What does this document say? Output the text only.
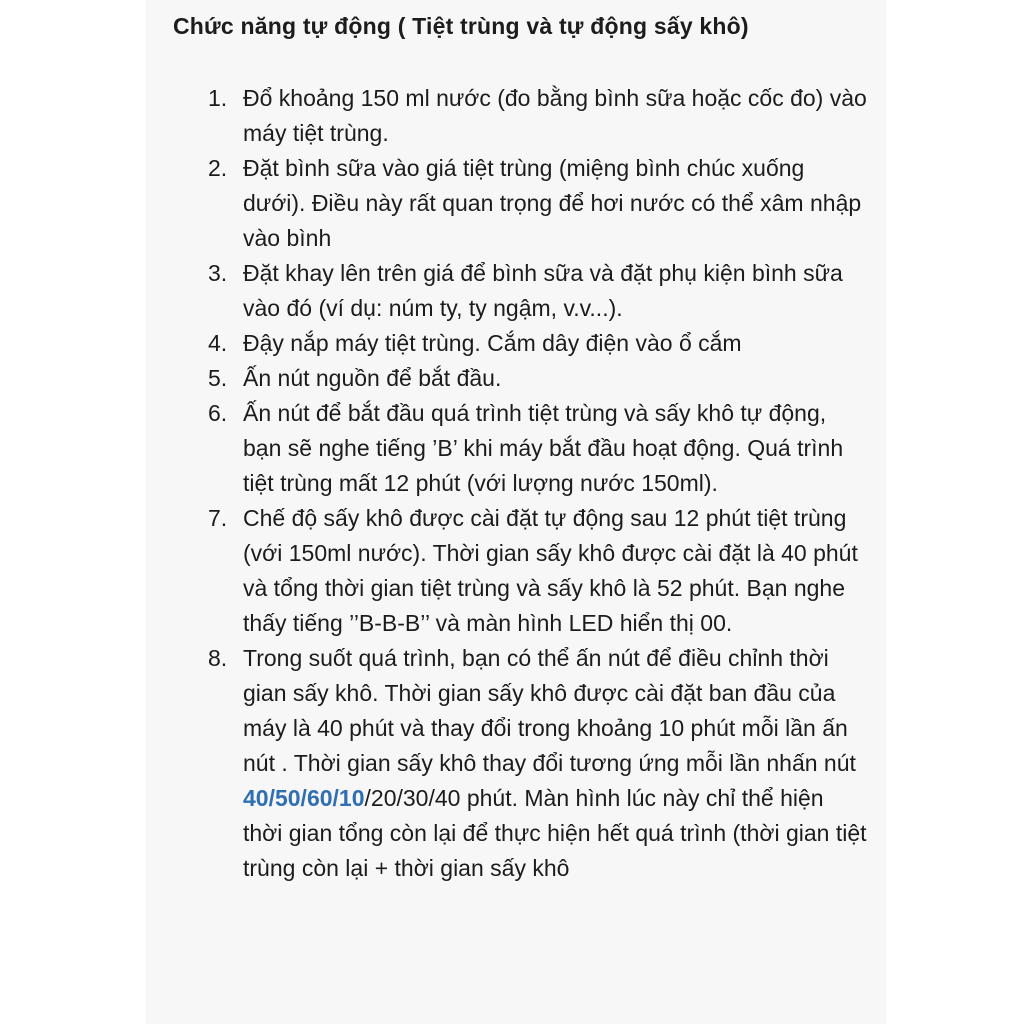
Chức năng tự động ( Tiệt trùng và tự động sấy khô)
1. Đổ khoảng 150 ml nước (đo bằng bình sữa hoặc cốc đo) vào máy tiệt trùng.
2. Đặt bình sữa vào giá tiệt trùng (miệng bình chúc xuống dưới). Điều này rất quan trọng để hơi nước có thể xâm nhập vào bình
3. Đặt khay lên trên giá để bình sữa và đặt phụ kiện bình sữa vào đó (ví dụ: núm ty, ty ngậm, v.v...).
4. Đậy nắp máy tiệt trùng. Cắm dây điện vào ổ cắm
5. Ấn nút nguồn để bắt đầu.
6. Ấn nút để bắt đầu quá trình tiệt trùng và sấy khô tự động, bạn sẽ nghe tiếng ’B’ khi máy bắt đầu hoạt động. Quá trình tiệt trùng mất 12 phút (với lượng nước 150ml).
7. Chế độ sấy khô được cài đặt tự động sau 12 phút tiệt trùng (với 150ml nước). Thời gian sấy khô được cài đặt là 40 phút và tổng thời gian tiệt trùng và sấy khô là 52 phút. Bạn nghe thấy tiếng ’’B-B-B’’ và màn hình LED hiển thị 00.
8. Trong suốt quá trình, bạn có thể ấn nút để điều chỉnh thời gian sấy khô. Thời gian sấy khô được cài đặt ban đầu của máy là 40 phút và thay đổi trong khoảng 10 phút mỗi lần ấn nút . Thời gian sấy khô thay đổi tương ứng mỗi lần nhấn nút 40/50/60/10/20/30/40 phút. Màn hình lúc này chỉ thể hiện thời gian tổng còn lại để thực hiện hết quá trình (thời gian tiệt trùng còn lại + thời gian sấy khô
